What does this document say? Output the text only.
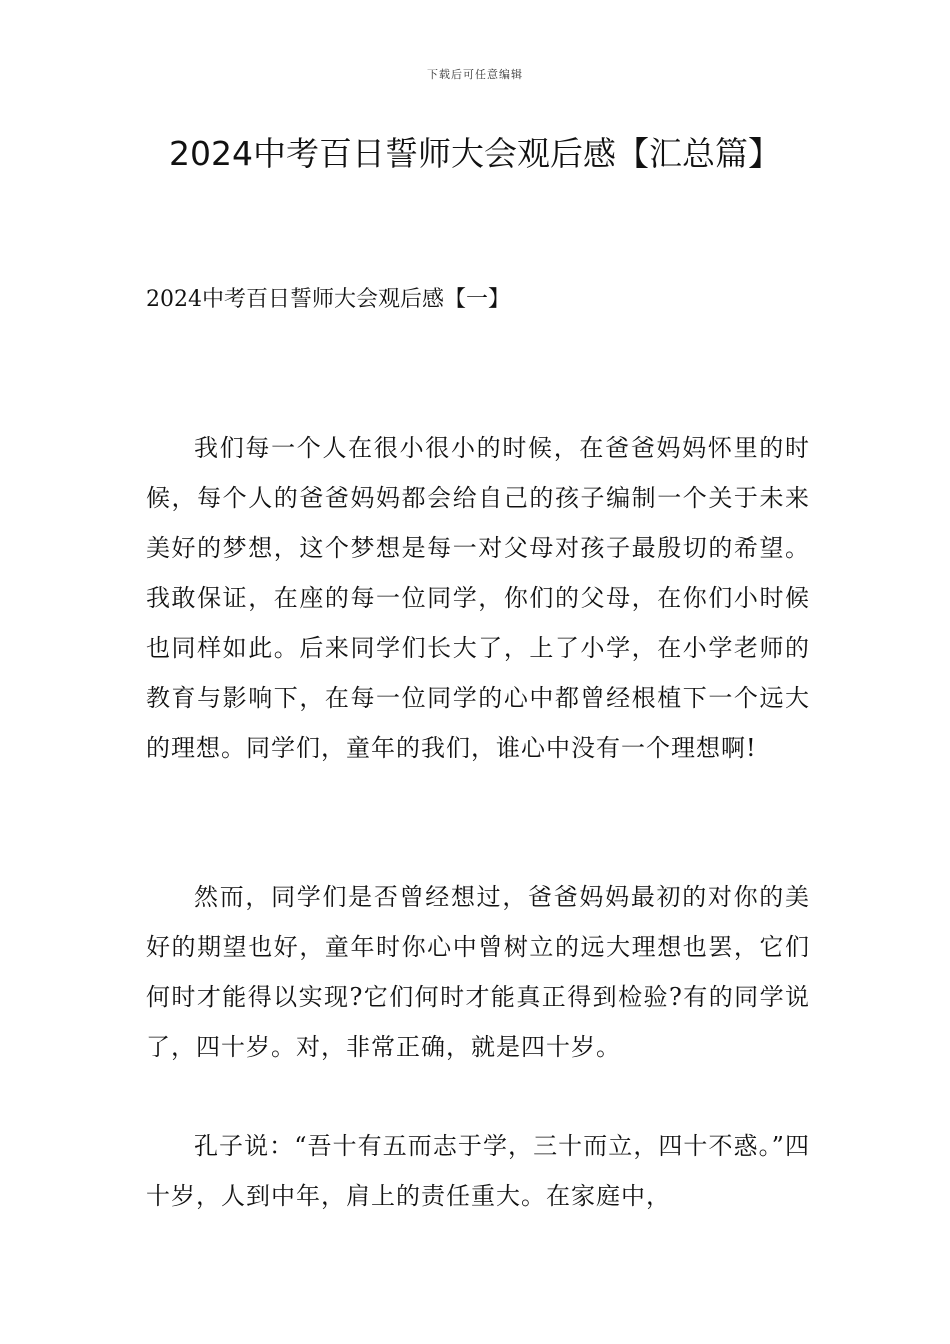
下载后可任意编辑
2024中考百日誓师大会观后感【汇总篇】
2024中考百日誓师大会观后感【一】

我们每一个人在很小很小的时候，在爸爸妈妈怀里的时候，每个人的爸爸妈妈都会给自己的孩子编制一个关于未来美好的梦想，这个梦想是每一对父母对孩子最殷切的希望。我敢保证，在座的每一位同学，你们的父母，在你们小时候也同样如此。后来同学们长大了，上了小学，在小学老师的教育与影响下，在每一位同学的心中都曾经根植下一个远大的理想。同学们，童年的我们，谁心中没有一个理想啊!

然而，同学们是否曾经想过，爸爸妈妈最初的对你的美好的期望也好，童年时你心中曾树立的远大理想也罢，它们何时才能得以实现?它们何时才能真正得到检验?有的同学说了，四十岁。对，非常正确，就是四十岁。

孔子说：“吾十有五而志于学，三十而立，四十不惑。”四十岁，人到中年，肩上的责任重大。在家庭中，
